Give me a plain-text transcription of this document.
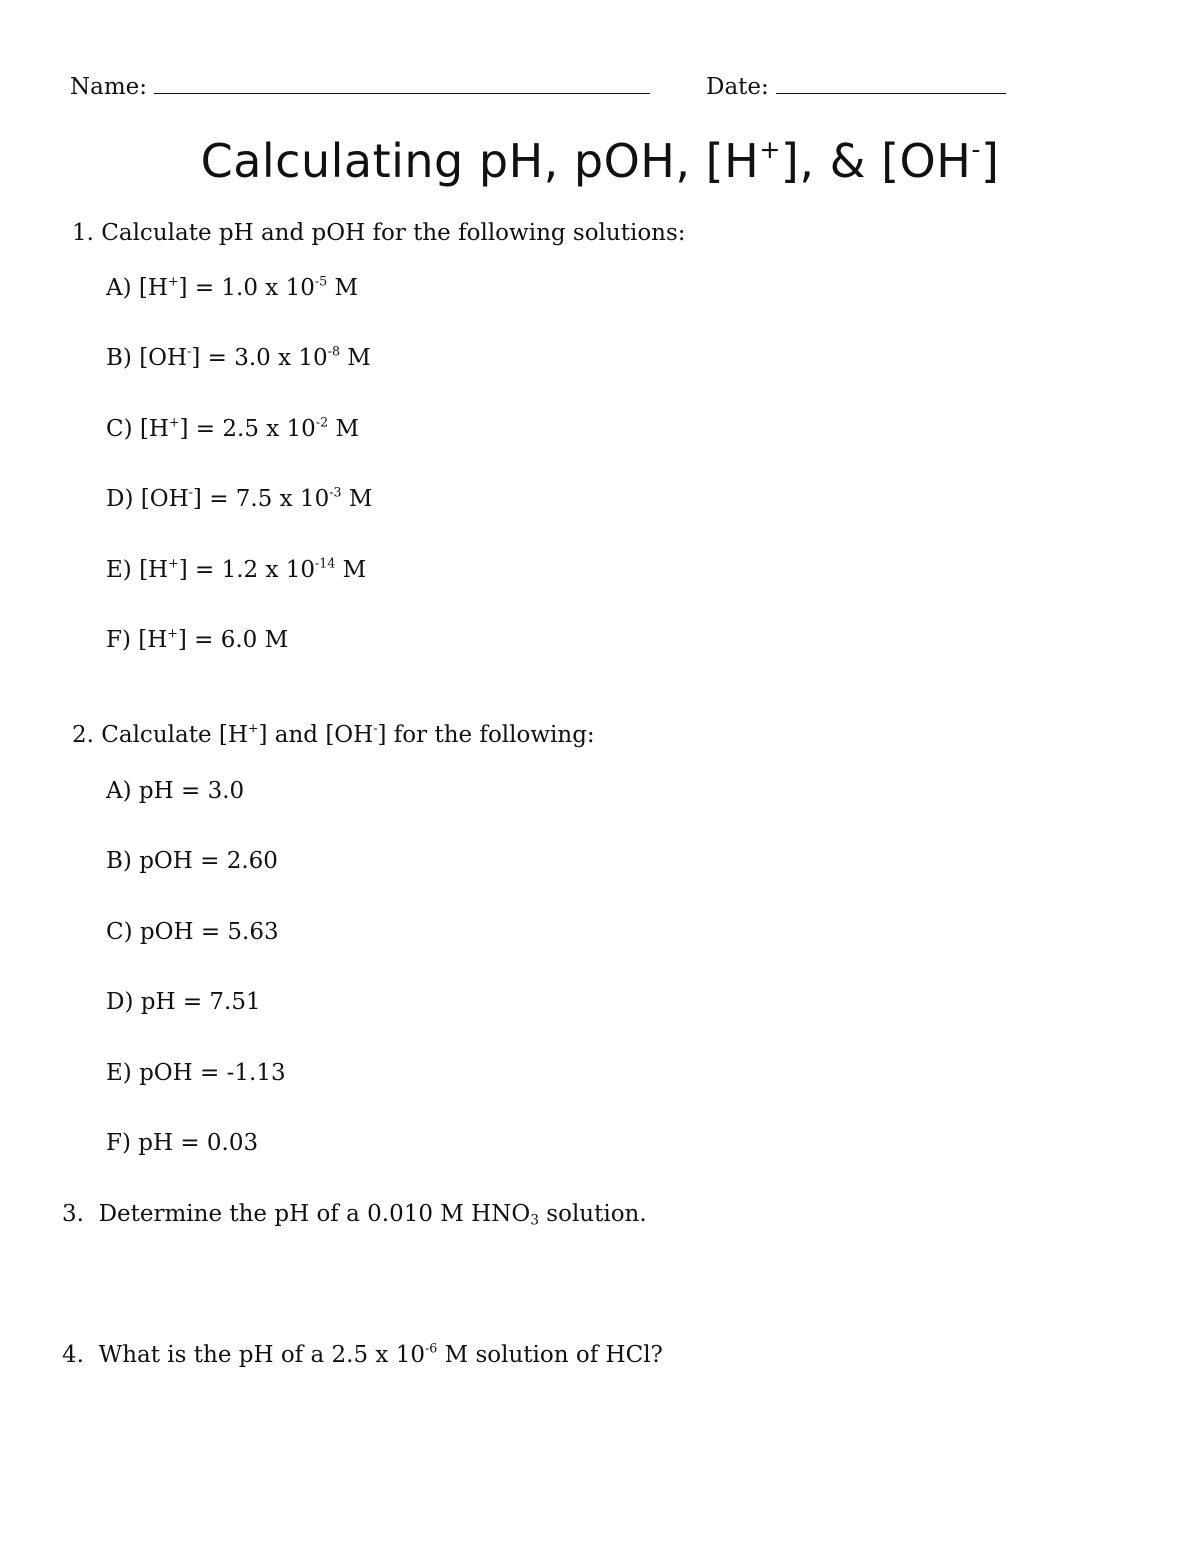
Name:	Date:
Calculating pH, pOH, [H+], & [OH-]
1. Calculate pH and pOH for the following solutions:
A) [H+] = 1.0 x $10^{-5}$ M
B) [OH-] = 3.0 x $10^{-8}$ M
C) [H+] = 2.5 x $10^{-2}$ M
D) [OH-] = 7.5 x $10^{-3}$ M
E) [H+] = 1.2 x $10^{-14}$ M
F) [H+] = 6.0 M
2. Calculate [H+] and [OH-] for the following:
A) pH = 3.0
B) pOH = 2.60
C) pOH = 5.63
D) pH = 7.51
E) pOH = -1.13
F) pH = 0.03
3. Determine the pH of a 0.010 M $HNO_3$ solution.
4. What is the pH of a 2.5 x $10^{-6}$ M solution of HCl?
